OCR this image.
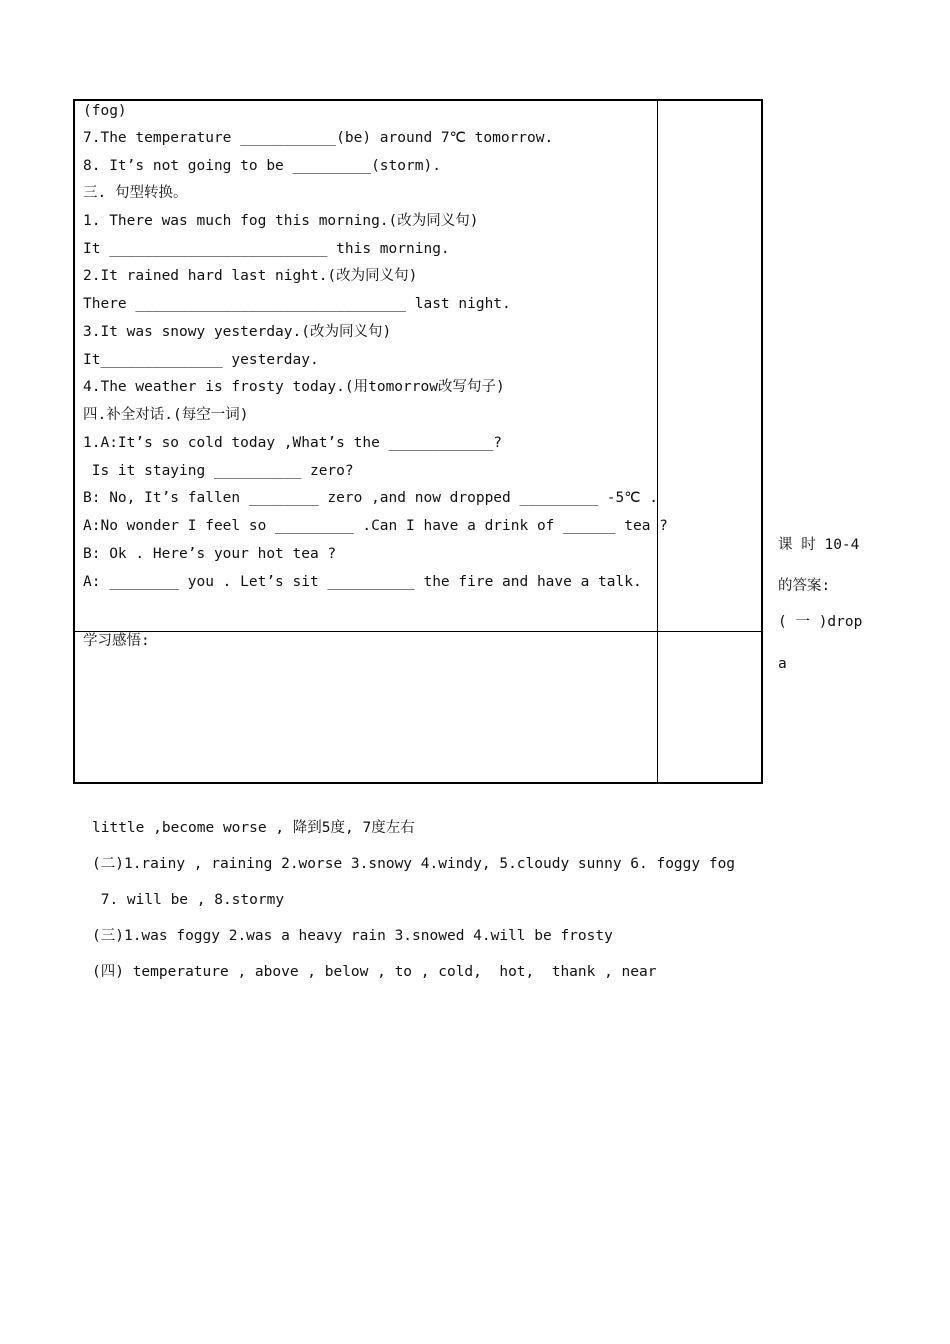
(fog)
7.The temperature ___________(be) around 7℃ tomorrow.
8. It’s not going to be _________(storm).
三. 句型转换。
1. There was much fog this morning.(改为同义句)
It _________________________ this morning.
2.It rained hard last night.(改为同义句)
There _______________________________ last night.
3.It was snowy yesterday.(改为同义句)
It______________ yesterday.
4.The weather is frosty today.(用tomorrow改写句子)
四.补全对话.(每空一词)
1.A:It’s so cold today ,What’s the ____________?
Is it staying __________ zero?
B: No, It’s fallen ________ zero ,and now dropped _________ -5℃ .
A:No wonder I feel so _________ .Can I have a drink of ______ tea ?
B: Ok . Here’s your hot tea ?
A: ________ you . Let’s sit __________ the fire and have a talk.
学习感悟:
课 时 10-4
的答案:
( 一 )drop
a
little ,become worse , 降到5度, 7度左右
(二)1.rainy , raining 2.worse 3.snowy 4.windy, 5.cloudy sunny 6. foggy fog
7. will be , 8.stormy
(三)1.was foggy 2.was a heavy rain 3.snowed 4.will be frosty
(四) temperature , above , below , to , cold,  hot,  thank , near
